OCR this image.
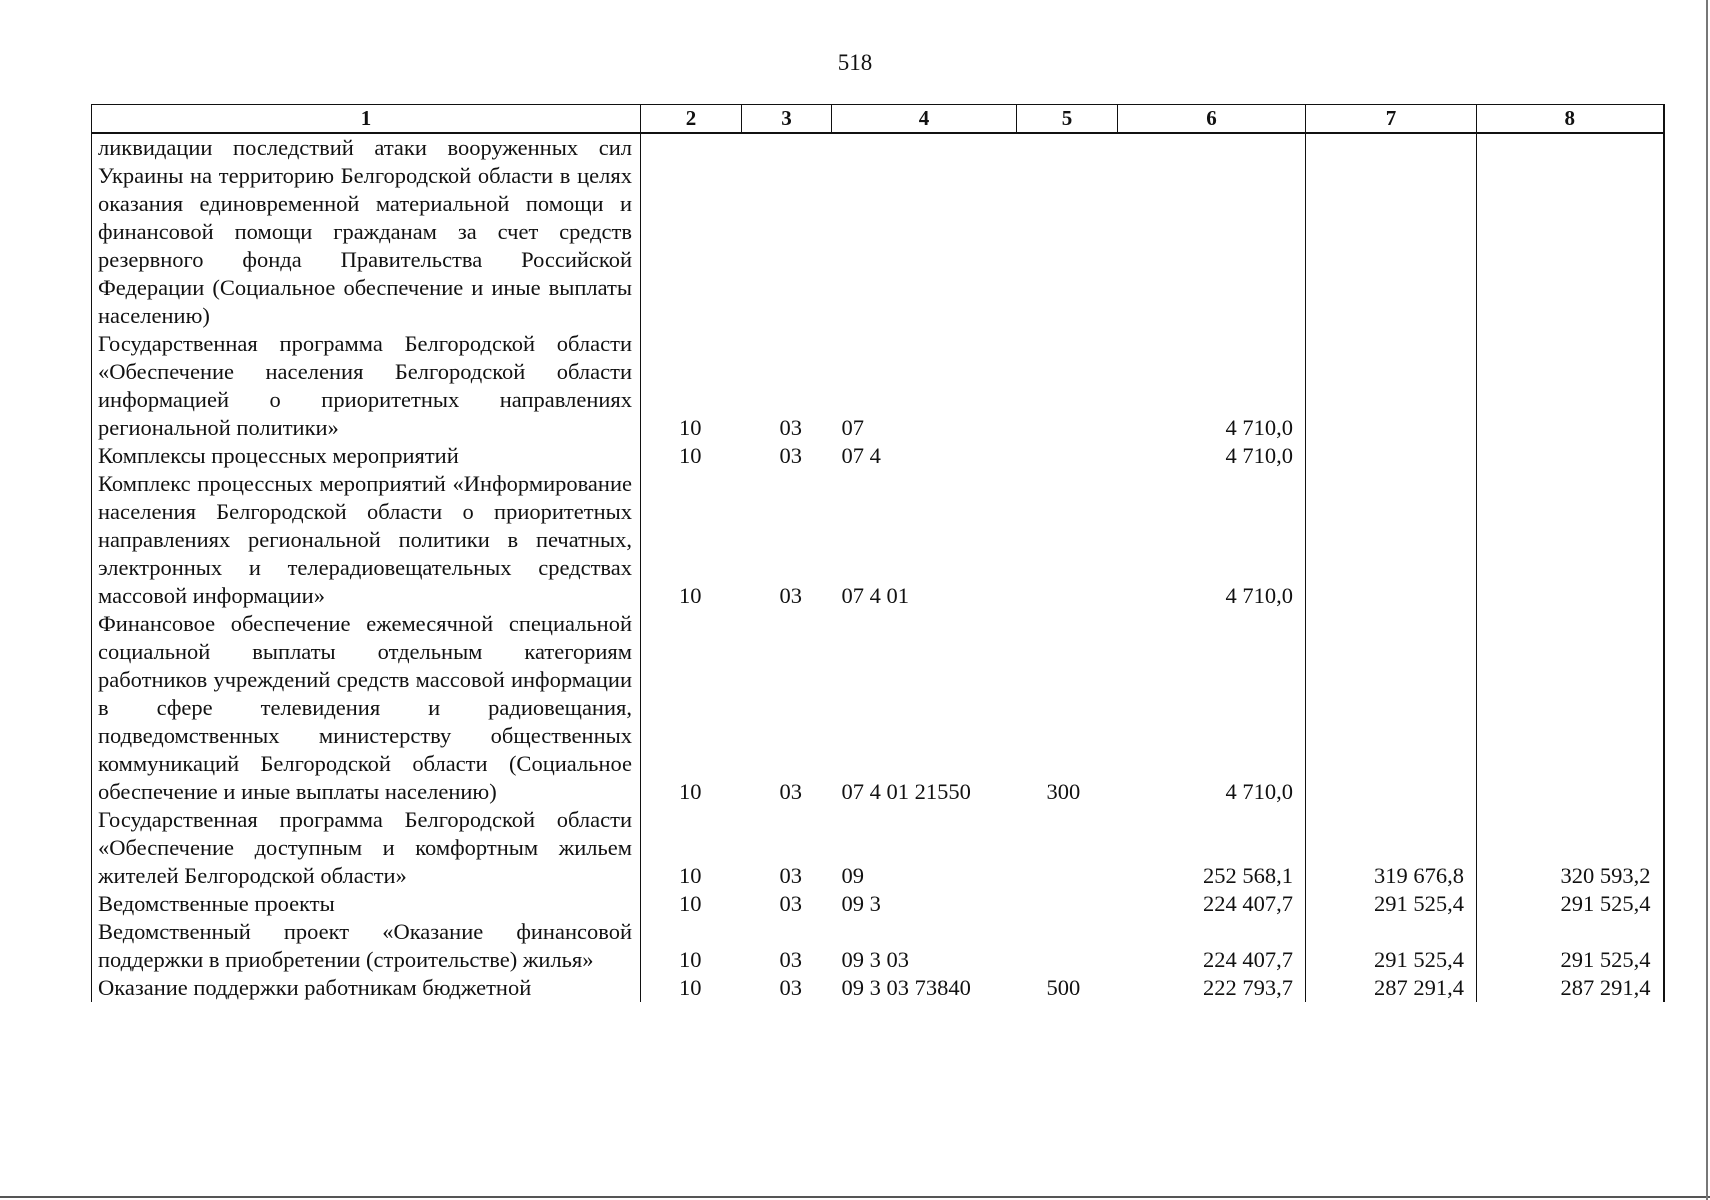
518
1	2	3	4	5	6	7	8
ликвидации последствий атаки вооруженных сил Украины на территорию Белгородской области в целях оказания единовременной материальной помощи и финансовой помощи гражданам за счет средств резервного фонда Правительства Российской Федерации (Социальное обеспечение и иные выплаты населению)							
Государственная программа Белгородской области «Обеспечение населения Белгородской области информацией о приоритетных направлениях региональной политики»	10	03	07		4 710,0		
Комплексы процессных мероприятий	10	03	07 4		4 710,0		
Комплекс процессных мероприятий «Информирование населения Белгородской области о приоритетных направлениях региональной политики в печатных, электронных и телерадиовещательных средствах массовой информации»	10	03	07 4 01		4 710,0		
Финансовое обеспечение ежемесячной специальной социальной выплаты отдельным категориям работников учреждений средств массовой информации в сфере телевидения и радиовещания, подведомственных министерству общественных коммуникаций Белгородской области (Социальное обеспечение и иные выплаты населению)	10	03	07 4 01 21550	300	4 710,0		
Государственная программа Белгородской области «Обеспечение доступным и комфортным жильем жителей Белгородской области»	10	03	09		252 568,1	319 676,8	320 593,2
Ведомственные проекты	10	03	09 3		224 407,7	291 525,4	291 525,4
Ведомственный проект «Оказание финансовой поддержки в приобретении (строительстве) жилья»	10	03	09 3 03		224 407,7	291 525,4	291 525,4
Оказание поддержки работникам бюджетной	10	03	09 3 03 73840	500	222 793,7	287 291,4	287 291,4
